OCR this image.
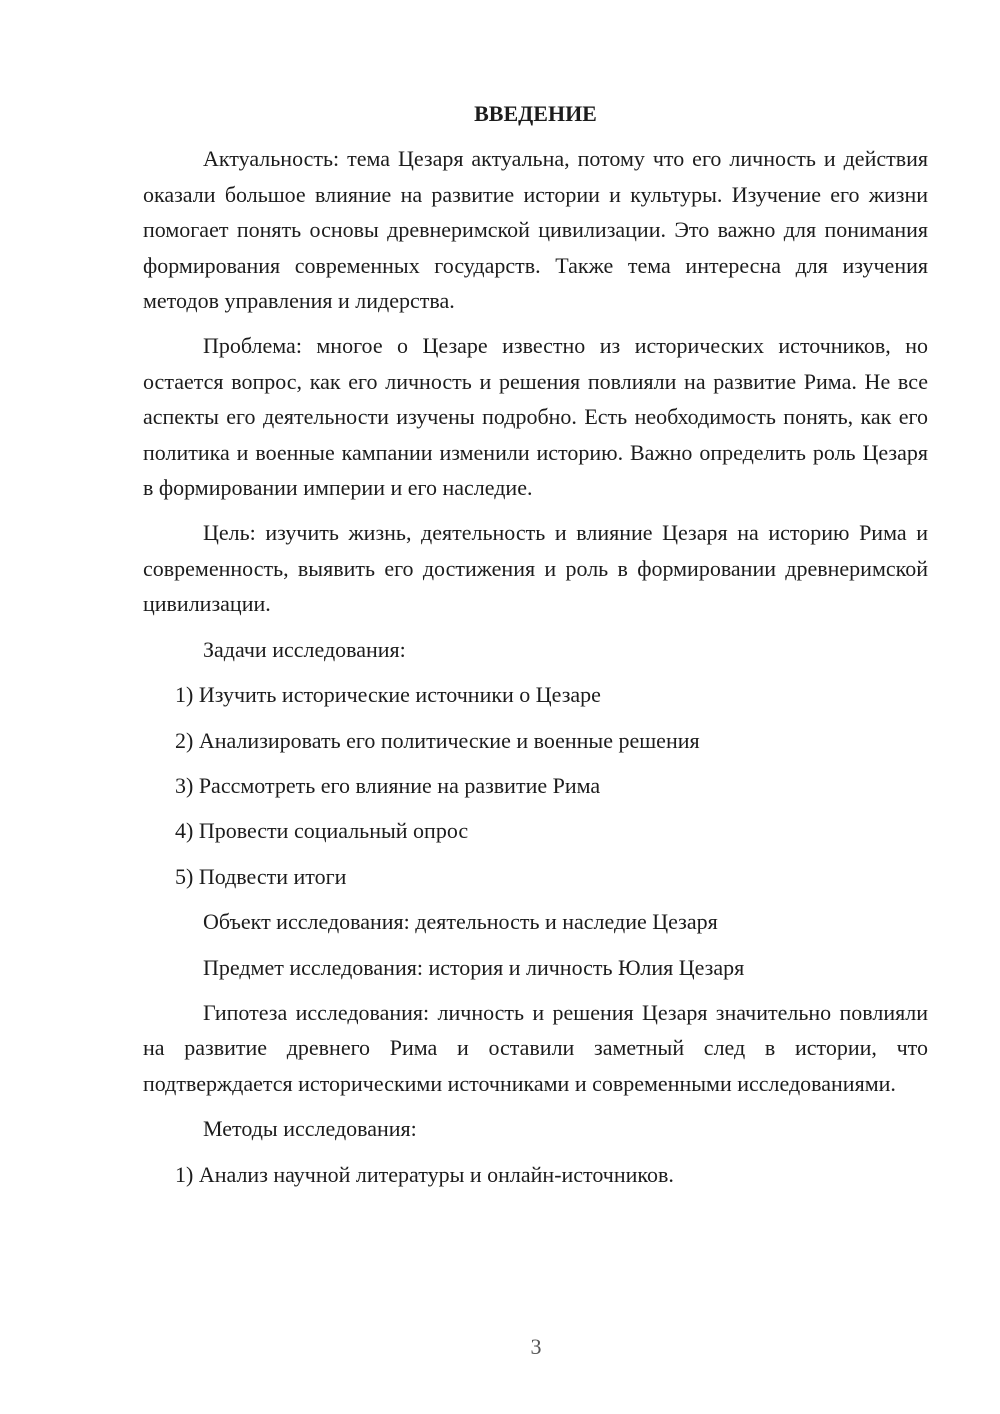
ВВЕДЕНИЕ

Актуальность: тема Цезаря актуальна, потому что его личность и действия оказали большое влияние на развитие истории и культуры. Изучение его жизни помогает понять основы древнеримской цивилизации. Это важно для понимания формирования современных государств. Также тема интересна для изучения методов управления и лидерства.

Проблема: многое о Цезаре известно из исторических источников, но остается вопрос, как его личность и решения повлияли на развитие Рима. Не все аспекты его деятельности изучены подробно. Есть необходимость понять, как его политика и военные кампании изменили историю. Важно определить роль Цезаря в формировании империи и его наследие.

Цель: изучить жизнь, деятельность и влияние Цезаря на историю Рима и современность, выявить его достижения и роль в формировании древнеримской цивилизации.

Задачи исследования:

1) Изучить исторические источники о Цезаре

2) Анализировать его политические и военные решения

3) Рассмотреть его влияние на развитие Рима

4) Провести социальный опрос

5) Подвести итоги

Объект исследования: деятельность и наследие Цезаря

Предмет исследования: история и личность Юлия Цезаря

Гипотеза исследования: личность и решения Цезаря значительно повлияли на развитие древнего Рима и оставили заметный след в истории, что подтверждается историческими источниками и современными исследованиями.

Методы исследования:

1) Анализ научной литературы и онлайн-источников.

3
